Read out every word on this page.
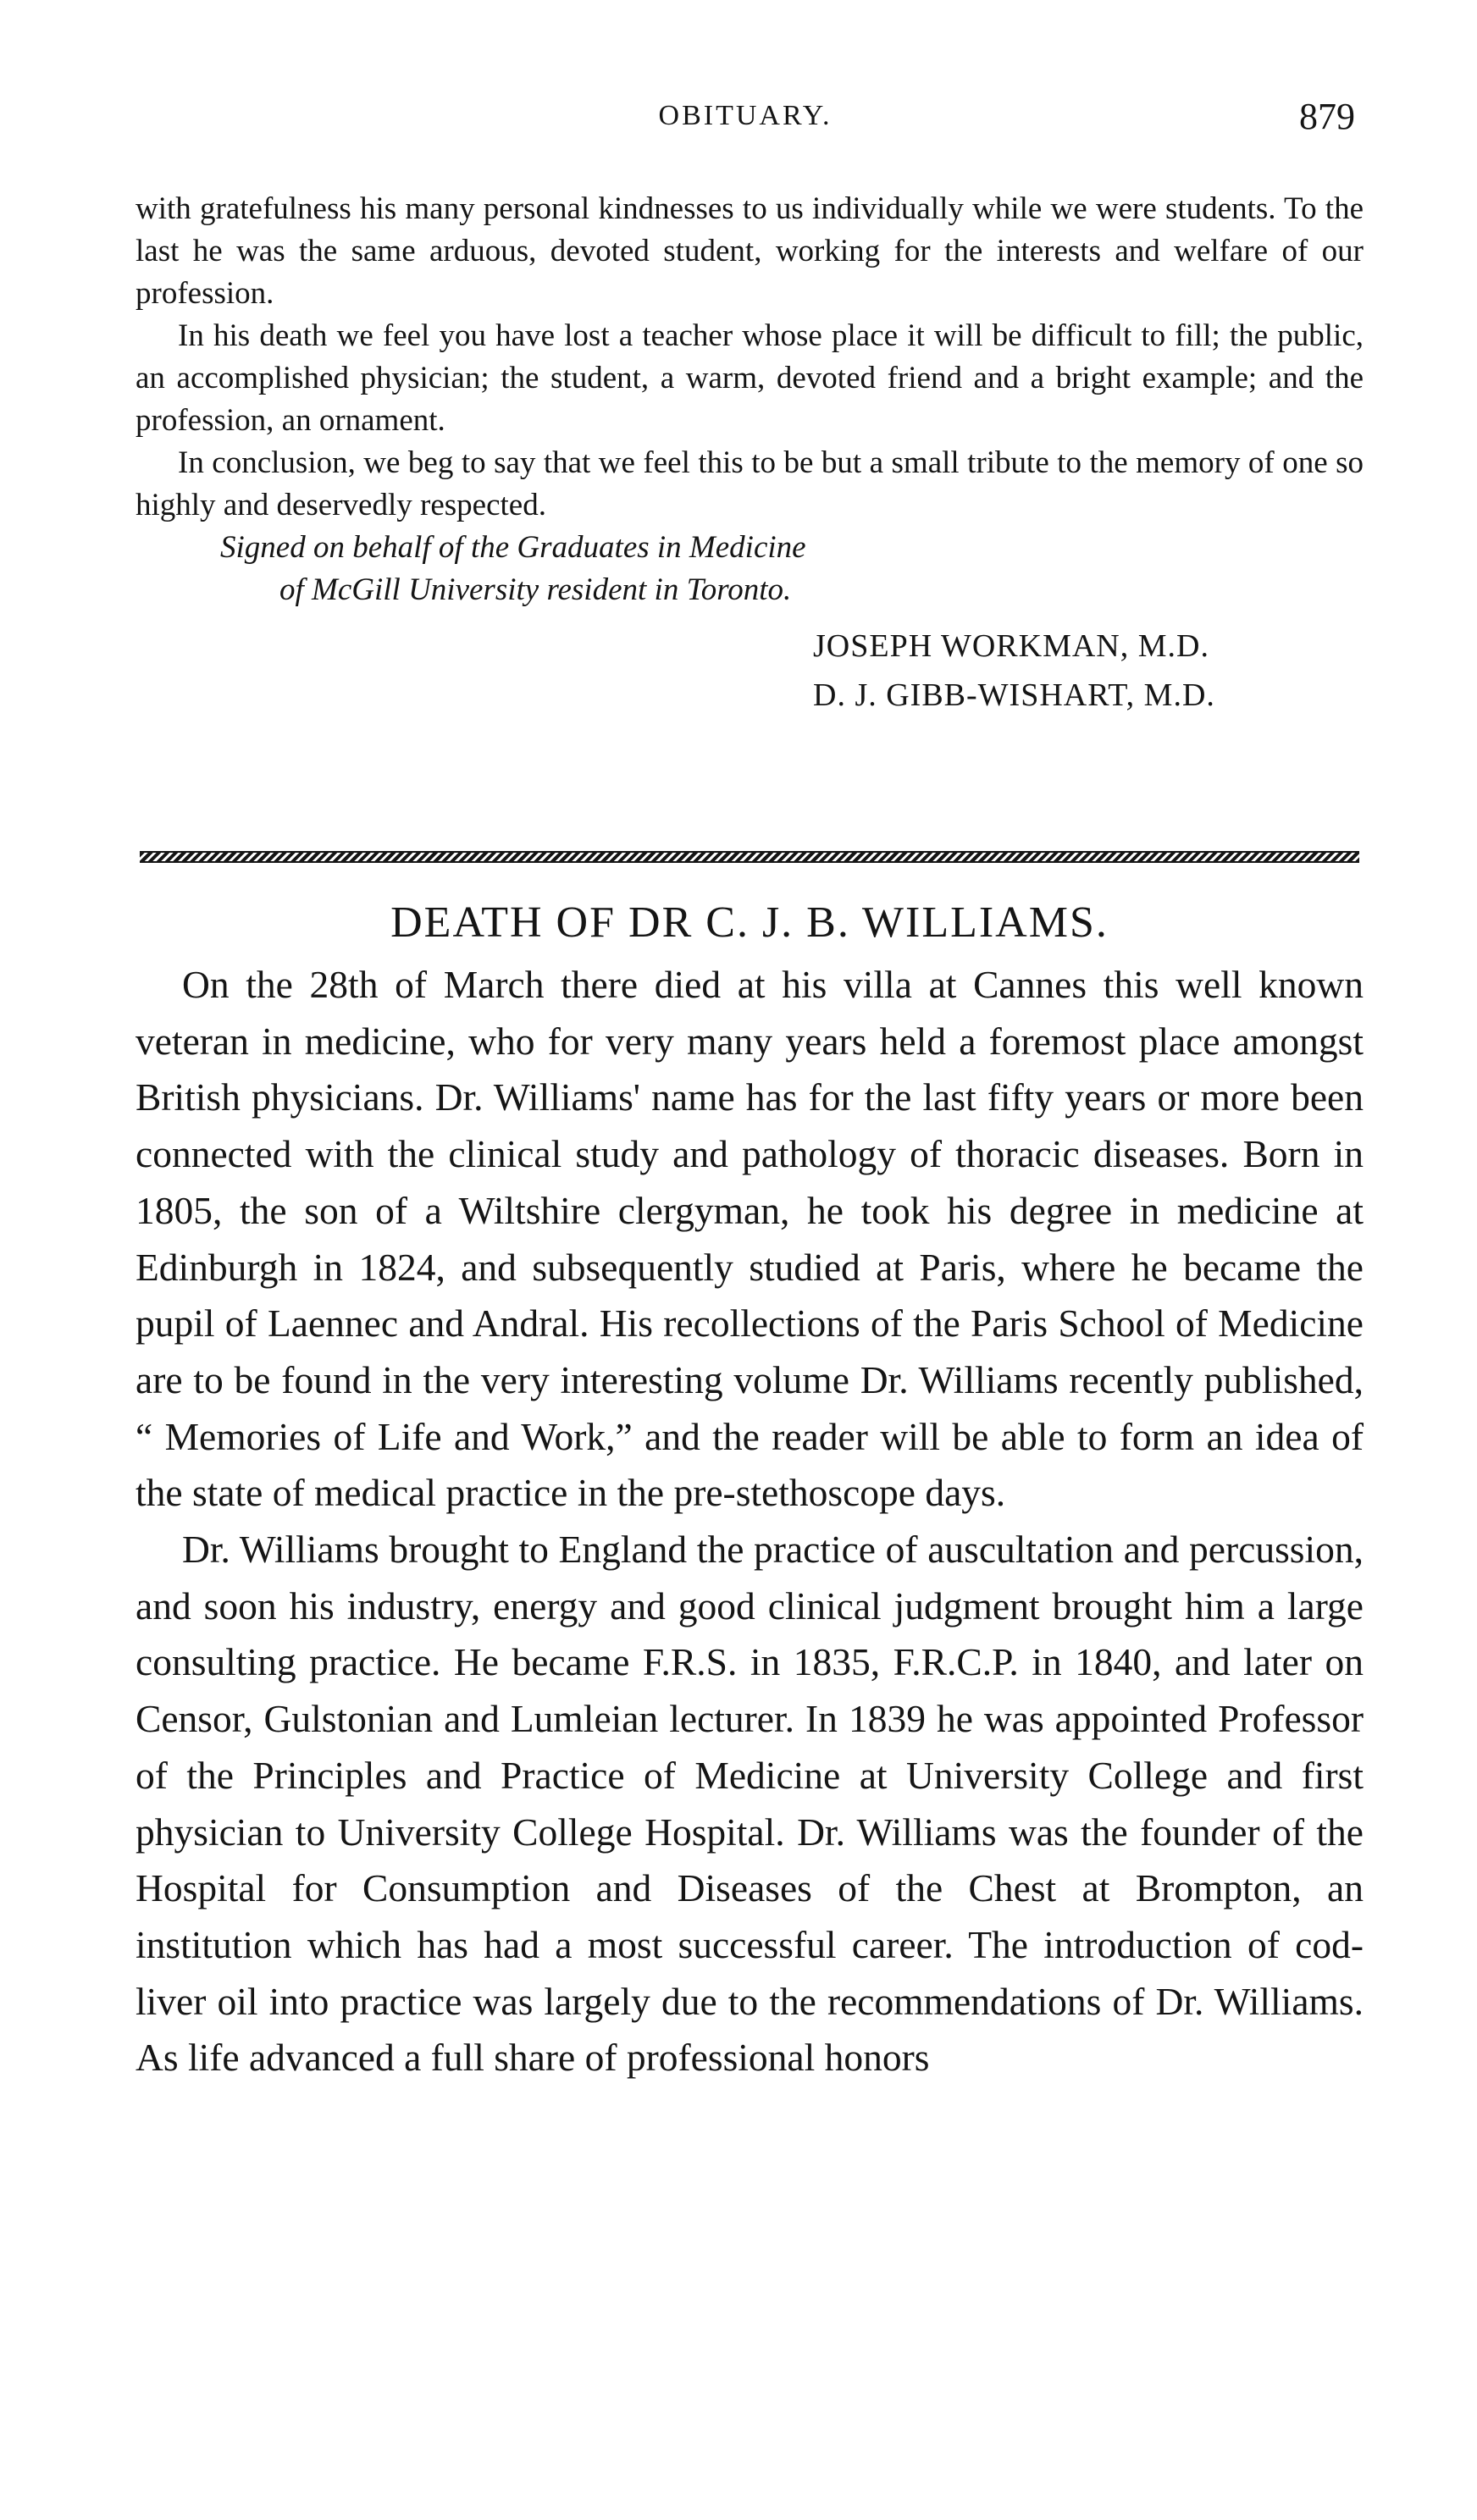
OBITUARY.	879

with gratefulness his many personal kindnesses to us individually while we were students. To the last he was the same arduous, devoted student, working for the interests and welfare of our profession.

In his death we feel you have lost a teacher whose place it will be difficult to fill; the public, an accomplished physician; the student, a warm, devoted friend and a bright example; and the profession, an ornament.

In conclusion, we beg to say that we feel this to be but a small tribute to the memory of one so highly and deservedly respected.

Signed on behalf of the Graduates in Medicine
of McGill University resident in Toronto.

JOSEPH WORKMAN, M.D.
D. J. GIBB-WISHART, M.D.
DEATH OF DR C. J. B. WILLIAMS.

On the 28th of March there died at his villa at Cannes this well known veteran in medicine, who for very many years held a foremost place amongst British physicians. Dr. Williams' name has for the last fifty years or more been connected with the clinical study and pathology of thoracic diseases. Born in 1805, the son of a Wiltshire clergyman, he took his degree in medicine at Edinburgh in 1824, and subsequently studied at Paris, where he became the pupil of Laennec and Andral. His recollections of the Paris School of Medicine are to be found in the very interesting volume Dr. Williams recently published, “ Memories of Life and Work,” and the reader will be able to form an idea of the state of medical practice in the pre-stethoscope days.

Dr. Williams brought to England the practice of auscultation and percussion, and soon his industry, energy and good clinical judgment brought him a large consulting practice. He became F.R.S. in 1835, F.R.C.P. in 1840, and later on Censor, Gulstonian and Lumleian lecturer. In 1839 he was appointed Professor of the Principles and Practice of Medicine at University College and first physician to University College Hospital. Dr. Williams was the founder of the Hospital for Consumption and Diseases of the Chest at Brompton, an institution which has had a most successful career. The introduction of cod-liver oil into practice was largely due to the recommendations of Dr. Williams. As life advanced a full share of professional honors
